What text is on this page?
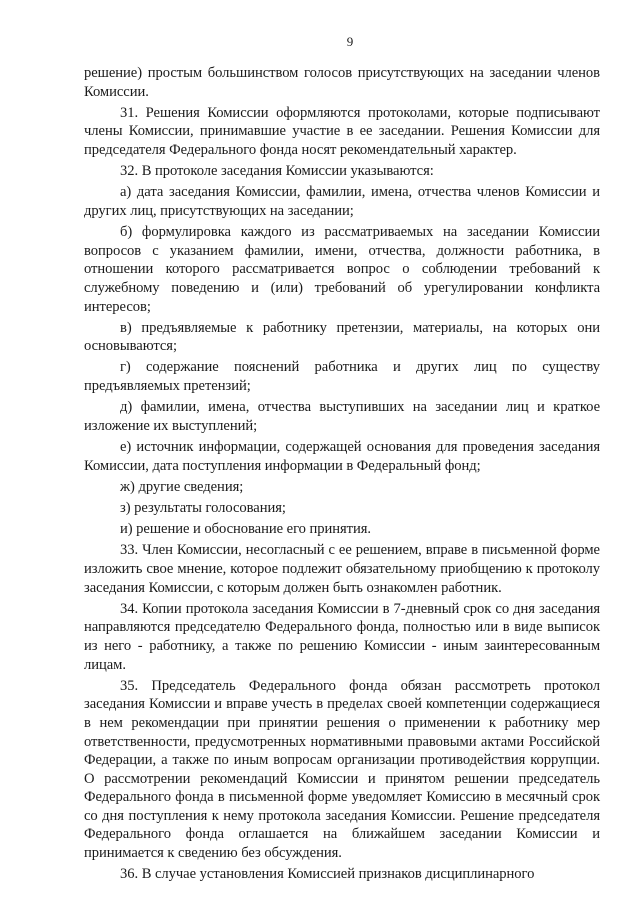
9

решение) простым большинством голосов присутствующих на заседании членов Комиссии.

31. Решения Комиссии оформляются протоколами, которые подписывают члены Комиссии, принимавшие участие в ее заседании. Решения Комиссии для председателя Федерального фонда носят рекомендательный характер.

32. В протоколе заседания Комиссии указываются:

а) дата заседания Комиссии, фамилии, имена, отчества членов Комиссии и других лиц, присутствующих на заседании;

б) формулировка каждого из рассматриваемых на заседании Комиссии вопросов с указанием фамилии, имени, отчества, должности работника, в отношении которого рассматривается вопрос о соблюдении требований к служебному поведению и (или) требований об урегулировании конфликта интересов;

в) предъявляемые к работнику претензии, материалы, на которых они основываются;

г) содержание пояснений работника и других лиц по существу предъявляемых претензий;

д) фамилии, имена, отчества выступивших на заседании лиц и краткое изложение их выступлений;

е) источник информации, содержащей основания для проведения заседания Комиссии, дата поступления информации в Федеральный фонд;

ж) другие сведения;

з) результаты голосования;

и) решение и обоснование его принятия.

33. Член Комиссии, несогласный с ее решением, вправе в письменной форме изложить свое мнение, которое подлежит обязательному приобщению к протоколу заседания Комиссии, с которым должен быть ознакомлен работник.

34. Копии протокола заседания Комиссии в 7-дневный срок со дня заседания направляются председателю Федерального фонда, полностью или в виде выписок из него - работнику, а также по решению Комиссии - иным заинтересованным лицам.

35. Председатель Федерального фонда обязан рассмотреть протокол заседания Комиссии и вправе учесть в пределах своей компетенции содержащиеся в нем рекомендации при принятии решения о применении к работнику мер ответственности, предусмотренных нормативными правовыми актами Российской Федерации, а также по иным вопросам организации противодействия коррупции. О рассмотрении рекомендаций Комиссии и принятом решении председатель Федерального фонда в письменной форме уведомляет Комиссию в месячный срок со дня поступления к нему протокола заседания Комиссии. Решение председателя Федерального фонда оглашается на ближайшем заседании Комиссии и принимается к сведению без обсуждения.

36. В случае установления Комиссией признаков дисциплинарного
